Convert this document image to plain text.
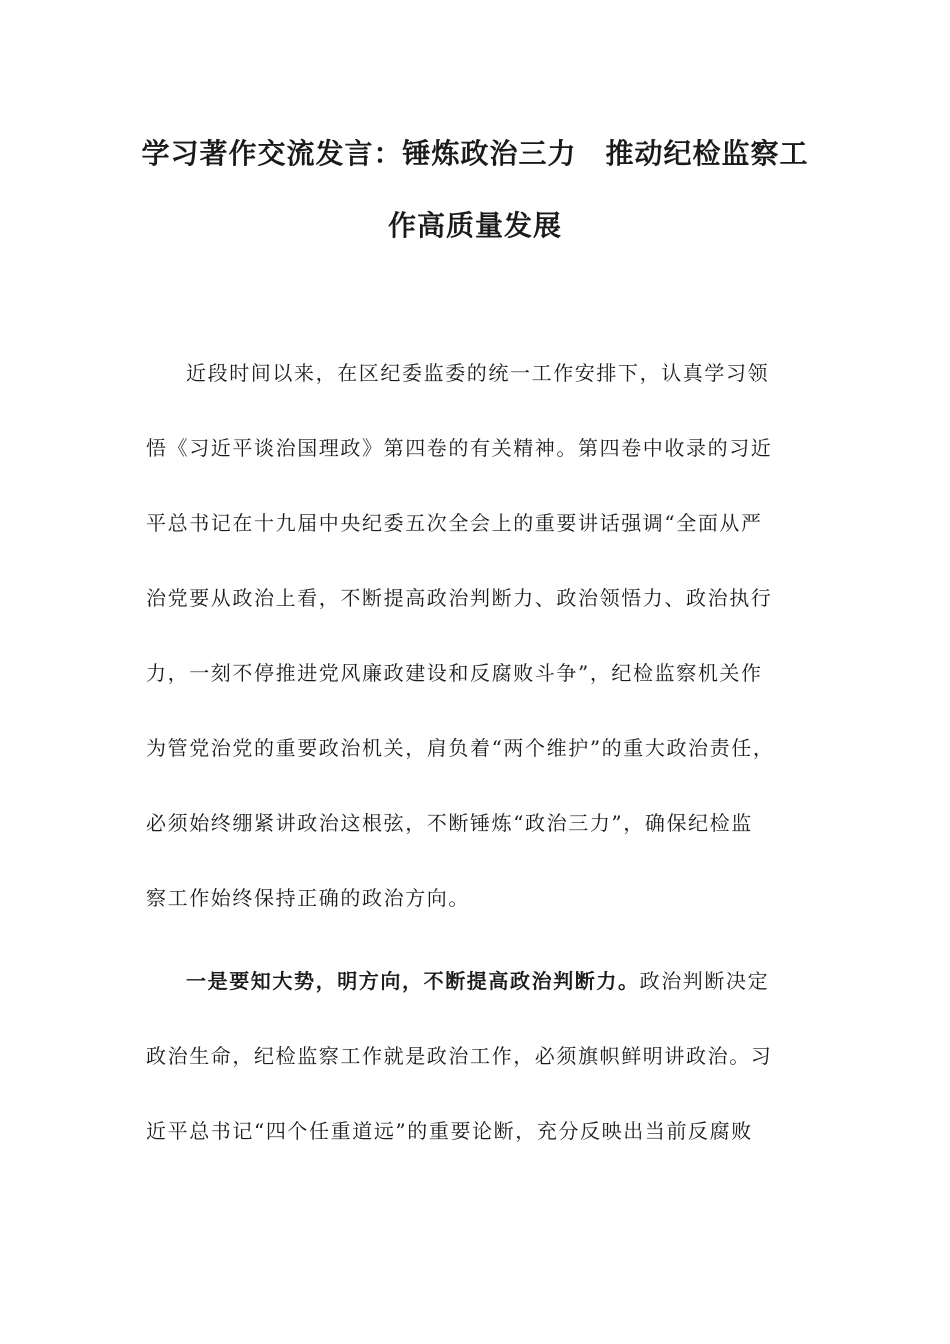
学习著作交流发言：锤炼政治三力　推动纪检监察工
作高质量发展
近段时间以来，在区纪委监委的统一工作安排下，认真学习领
悟《习近平谈治国理政》第四卷的有关精神。第四卷中收录的习近
平总书记在十九届中央纪委五次全会上的重要讲话强调“全面从严
治党要从政治上看，不断提高政治判断力、政治领悟力、政治执行
力，一刻不停推进党风廉政建设和反腐败斗争”，纪检监察机关作
为管党治党的重要政治机关，肩负着“两个维护”的重大政治责任，
必须始终绷紧讲政治这根弦，不断锤炼“政治三力”，确保纪检监
察工作始终保持正确的政治方向。
一是要知大势，明方向，不断提高政治判断力。政治判断决定
政治生命，纪检监察工作就是政治工作，必须旗帜鲜明讲政治。习
近平总书记“四个任重道远”的重要论断，充分反映出当前反腐败
